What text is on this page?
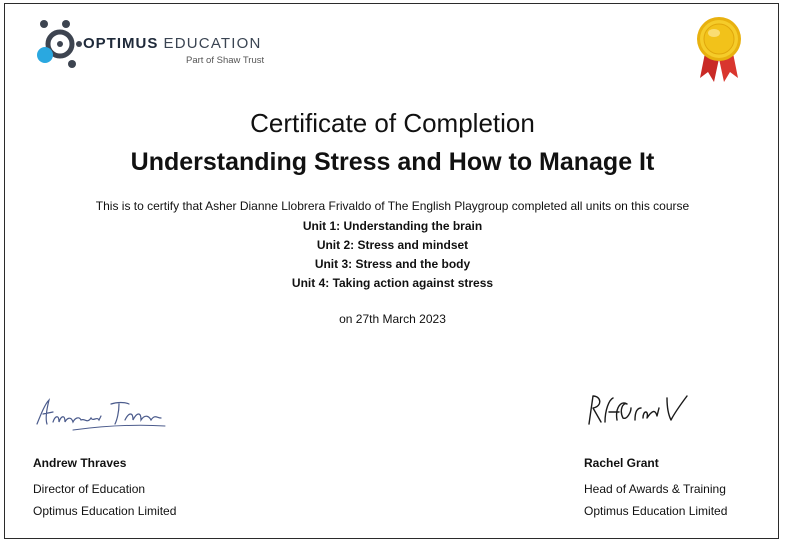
OPTIMUS EDUCATION
Part of Shaw Trust
Certificate of Completion
Understanding Stress and How to Manage It
This is to certify that Asher Dianne Llobrera Frivaldo of The English Playgroup completed all units on this course
Unit 1: Understanding the brain
Unit 2: Stress and mindset
Unit 3: Stress and the body
Unit 4: Taking action against stress
on 27th March 2023
Andrew Thraves
Director of Education
Optimus Education Limited
Rachel Grant
Head of Awards & Training
Optimus Education Limited
